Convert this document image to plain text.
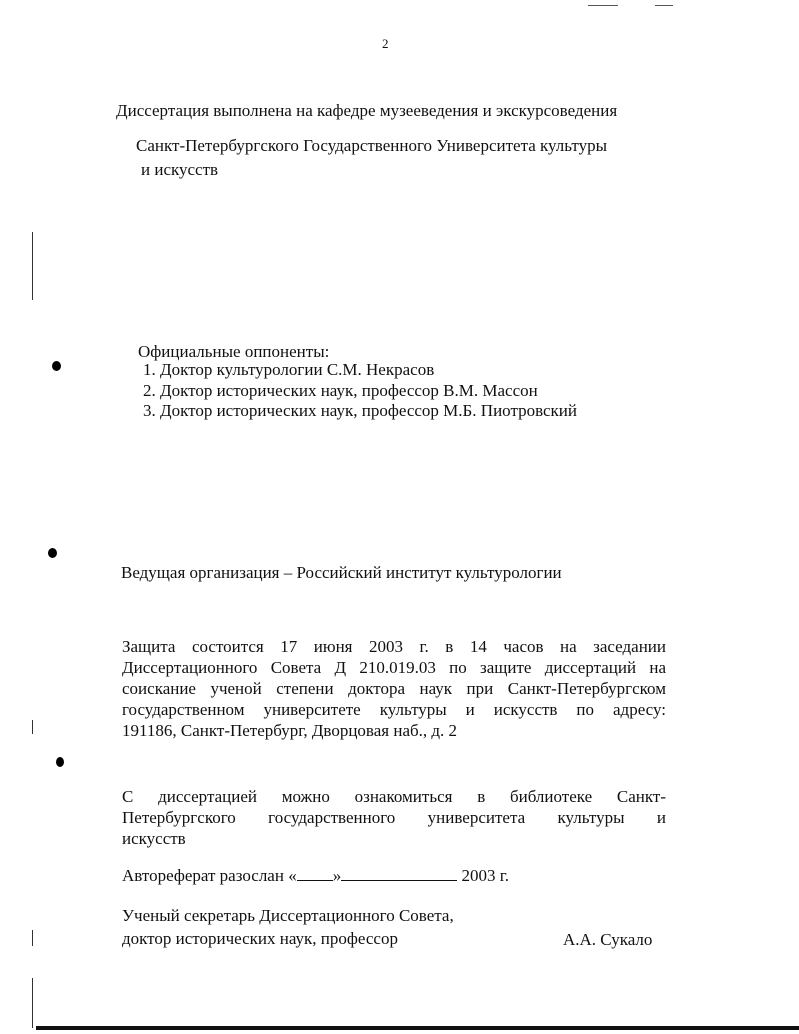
2
Диссертация выполнена на кафедре музееведения и экскурсоведения
Санкт-Петербургского Государственного Университета культуры
и искусств
Официальные оппоненты:
1. Доктор культурологии С.М. Некрасов
2. Доктор исторических наук, профессор В.М. Массон
3. Доктор исторических наук, профессор М.Б. Пиотровский
Ведущая организация – Российский институт культурологии
Защита состоится 17 июня 2003 г. в 14 часов на заседании
Диссертационного Совета Д 210.019.03 по защите диссертаций на
соискание ученой степени доктора наук при Санкт-Петербургском
государственном университете культуры и искусств по адресу:
191186, Санкт-Петербург, Дворцовая наб., д. 2
С диссертацией можно ознакомиться в библиотеке Санкт-
Петербургского государственного университета культуры и
искусств
Автореферат разослан « »	2003 г.
Ученый секретарь Диссертационного Совета,
доктор исторических наук, профессор	А.А. Сукало
